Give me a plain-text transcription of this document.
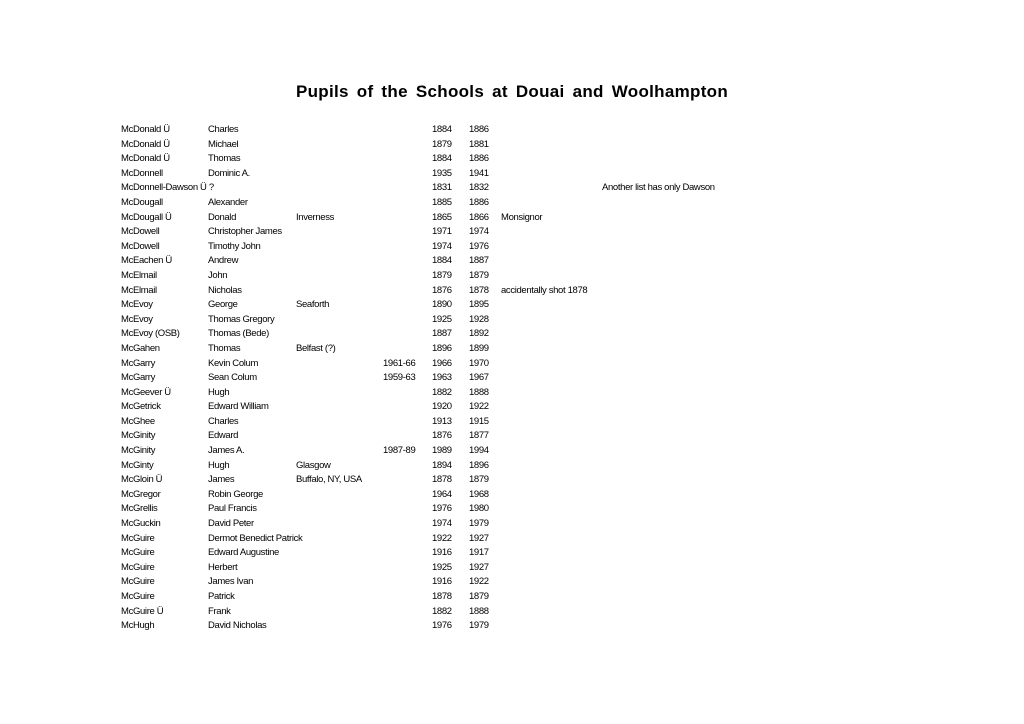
Pupils of the Schools at Douai and Woolhampton
McDonald Ü	Charles	1884 1886
McDonald Ü	Michael	1879 1881
McDonald Ü	Thomas	1884 1886
McDonnell	Dominic A.	1935 1941
McDonnell-Dawson Ü ?	1831 1832	Another list has only Dawson
McDougall	Alexander	1885 1886
McDougall Ü	Donald	Inverness	1865 1866 Monsignor
McDowell	Christopher James	1971 1974
McDowell	Timothy John	1974 1976
McEachen Ü	Andrew	1884 1887
McElmail	John	1879 1879
McElmail	Nicholas	1876 1878 accidentally shot 1878
McEvoy	George	Seaforth	1890 1895
McEvoy	Thomas Gregory	1925 1928
McEvoy (OSB)	Thomas (Bede)	1887 1892
McGahen	Thomas	Belfast (?)	1896 1899
McGarry	Kevin Colum	1961-66 1966 1970
McGarry	Sean Colum	1959-63 1963 1967
McGeever Ü	Hugh	1882 1888
McGetrick	Edward William	1920 1922
McGhee	Charles	1913 1915
McGinity	Edward	1876 1877
McGinity	James A.	1987-89 1989 1994
McGinty	Hugh	Glasgow	1894 1896
McGloin Ü	James	Buffalo, NY, USA	1878 1879
McGregor	Robin George	1964 1968
McGrellis	Paul Francis	1976 1980
McGuckin	David Peter	1974 1979
McGuire	Dermot Benedict Patrick	1922 1927
McGuire	Edward Augustine	1916 1917
McGuire	Herbert	1925 1927
McGuire	James Ivan	1916 1922
McGuire	Patrick	1878 1879
McGuire Ü	Frank	1882 1888
McHugh	David Nicholas	1976 1979
